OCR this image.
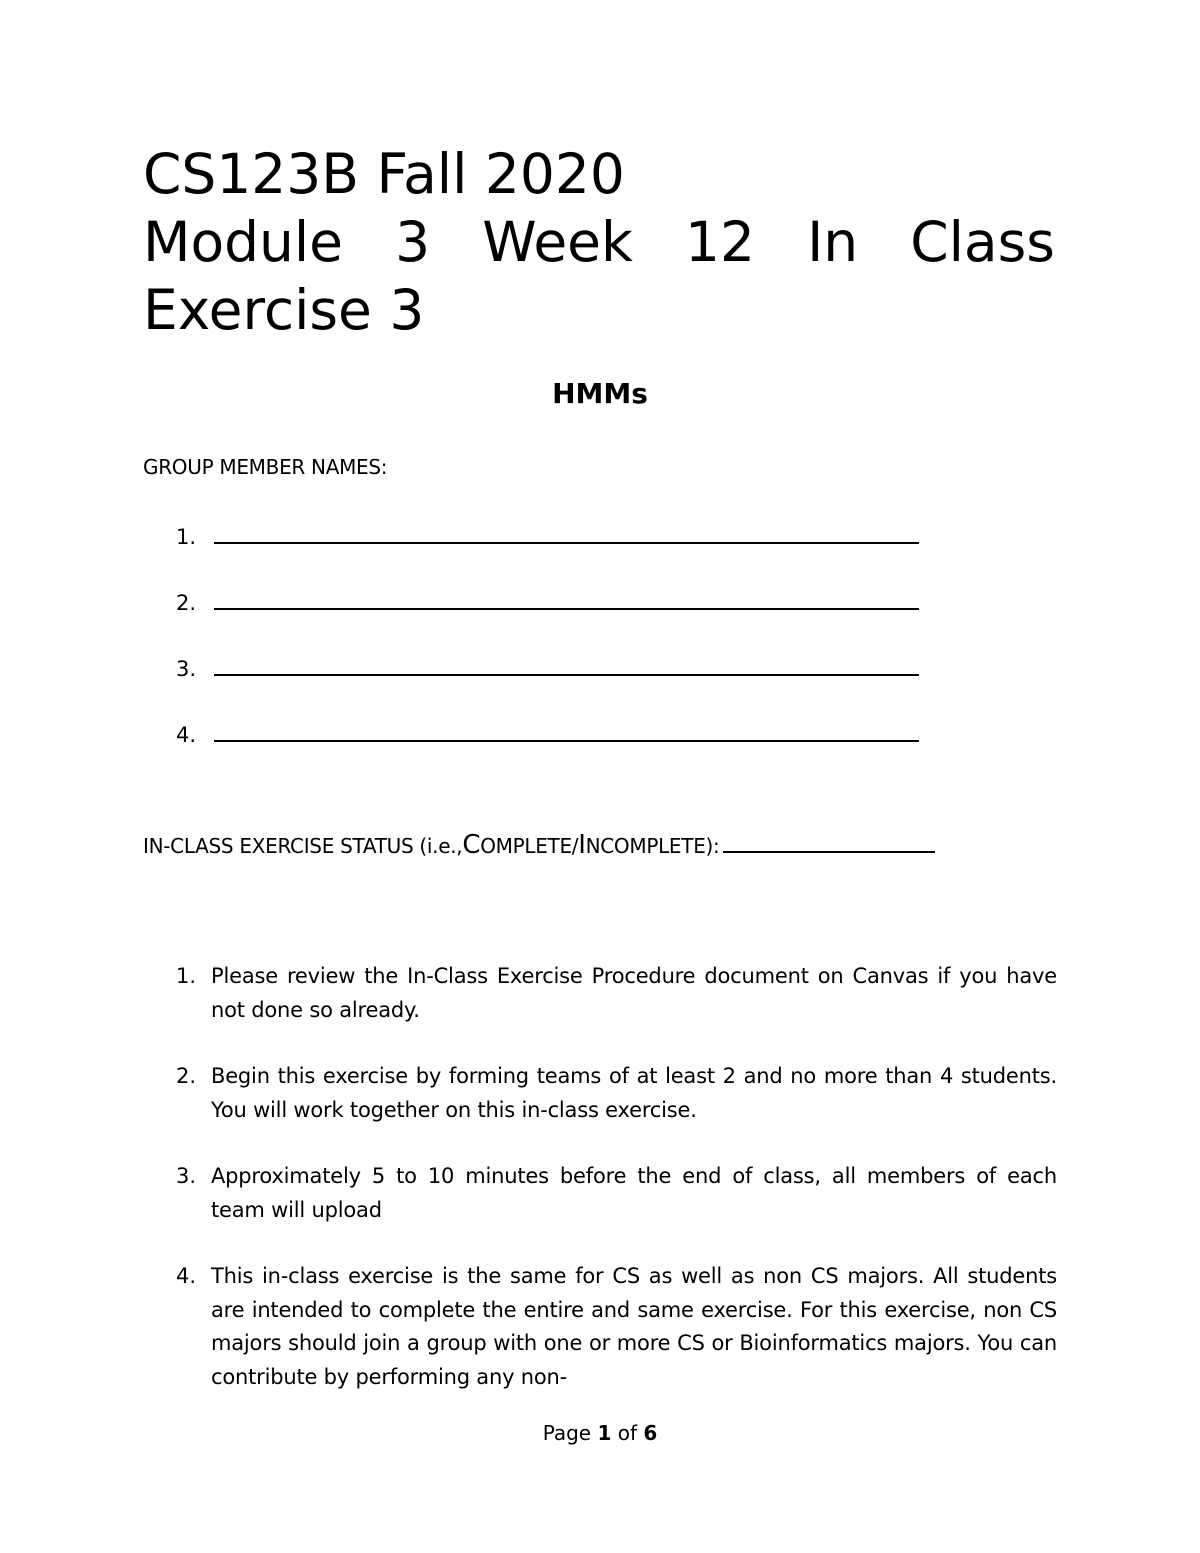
CS123B Fall 2020
Module 3 Week 12 In Class
Exercise 3
HMMs
GROUP MEMBER NAMES:
1.
2.
3.
4.
IN-CLASS EXERCISE STATUS (i.e., C OMPLETE/ I NCOMPLETE):
1. Please review the In-Class Exercise Procedure document on Canvas if you have not done so already.
2. Begin this exercise by forming teams of at least 2 and no more than 4 students. You will work together on this in-class exercise.
3. Approximately 5 to 10 minutes before the end of class, all members of each team will upload
4. This in-class exercise is the same for CS as well as non CS majors. All students are intended to complete the entire and same exercise. For this exercise, non CS majors should join a group with one or more CS or Bioinformatics majors. You can contribute by performing any non-
Page 1 of 6
